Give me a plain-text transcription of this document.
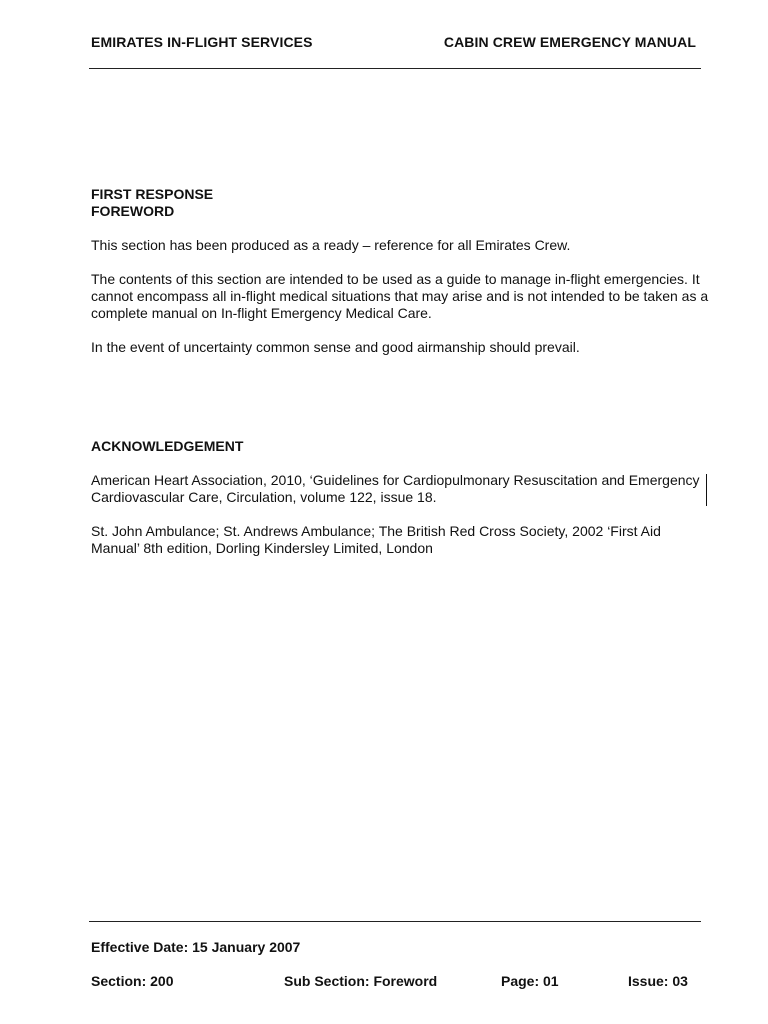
EMIRATES IN-FLIGHT SERVICES	CABIN CREW EMERGENCY MANUAL

FIRST RESPONSE

FOREWORD

This section has been produced as a ready – reference for all Emirates Crew.

The contents of this section are intended to be used as a guide to manage in-flight emergencies. It cannot encompass all in-flight medical situations that may arise and is not intended to be taken as a complete manual on In-flight Emergency Medical Care.

In the event of uncertainty common sense and good airmanship should prevail.

ACKNOWLEDGEMENT

American Heart Association, 2010, ‘Guidelines for Cardiopulmonary Resuscitation and Emergency Cardiovascular Care, Circulation, volume 122, issue 18.

St. John Ambulance; St. Andrews Ambulance; The British Red Cross Society, 2002 ‘First Aid Manual’ 8th edition, Dorling Kindersley Limited, London

Effective Date: 15 January 2007
Section: 200	Sub Section: Foreword	Page: 01	Issue: 03
